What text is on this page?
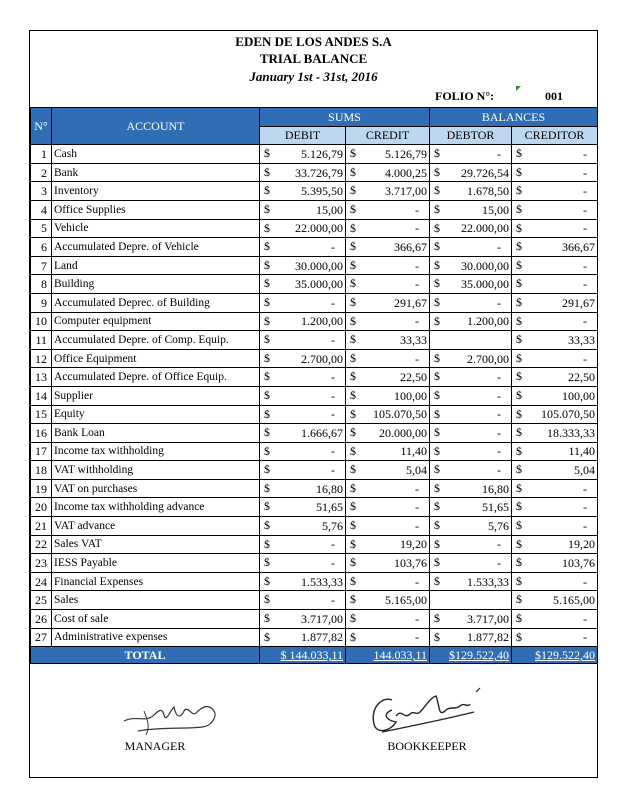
EDEN DE LOS ANDES S.A
TRIAL BALANCE
January 1st - 31st, 2016
FOLIO N°:	001
N°	ACCOUNT	SUMS		BALANCES	
		DEBIT	CREDIT	DEBTOR	CREDITOR
1	Cash	$ 5.126,79	$ 5.126,79	$ -	$ -

2	Bank	$ 33.726,79	$ 4.000,25	$ 29.726,54	$ -

3	Inventory	$ 5.395,50	$ 3.717,00	$ 1.678,50	$ -

4	Office Supplies	$ 15,00	$ -	$ 15,00	$ -

5	Vehicle	$ 22.000,00	$ -	$ 22.000,00	$ -

6	Accumulated Depre. of Vehicle	$ -	$ 366,67	$ -	$ 366,67

7	Land	$ 30.000,00	$ -	$ 30.000,00	$ -

8	Building	$ 35.000,00	$ -	$ 35.000,00	$ -

9	Accumulated Deprec. of Building	$ -	$ 291,67	$ -	$ 291,67

10	Computer equipment	$ 1.200,00	$ -	$ 1.200,00	$ -

11	Accumulated Depre. of Comp. Equip.	$ -	$ 33,33		$ 33,33

12	Office Equipment	$ 2.700,00	$ -	$ 2.700,00	$ -

13	Accumulated Depre. of Office Equip.	$ -	$ 22,50	$ -	$ 22,50

14	Supplier	$ -	$ 100,00	$ -	$ 100,00

15	Equity	$ -	$ 105.070,50	$ -	$ 105.070,50

16	Bank Loan	$ 1.666,67	$ 20.000,00	$ -	$ 18.333,33

17	Income tax withholding	$ -	$ 11,40	$ -	$ 11,40

18	VAT withholding	$ -	$ 5,04	$ -	$ 5,04

19	VAT on purchases	$ 16,80	$ -	$ 16,80	$ -

20	Income tax withholding advance	$ 51,65	$ -	$ 51,65	$ -

21	VAT advance	$ 5,76	$ -	$ 5,76	$ -

22	Sales VAT	$ -	$ 19,20	$ -	$ 19,20

23	IESS Payable	$ -	$ 103,76	$ -	$ 103,76

24	Financial Expenses	$ 1.533,33	$ -	$ 1.533,33	$ -

25	Sales	$ -	$ 5.165,00		$ 5.165,00

26	Cost of sale	$ 3.717,00	$ -	$ 3.717,00	$ -

27	Administrative expenses	$ 1.877,82	$ -	$ 1.877,82	$ -

TOTAL		$ 144.033,11	144.033,11	$129.522,40	$129.522,40
MANAGER	BOOKKEEPER
